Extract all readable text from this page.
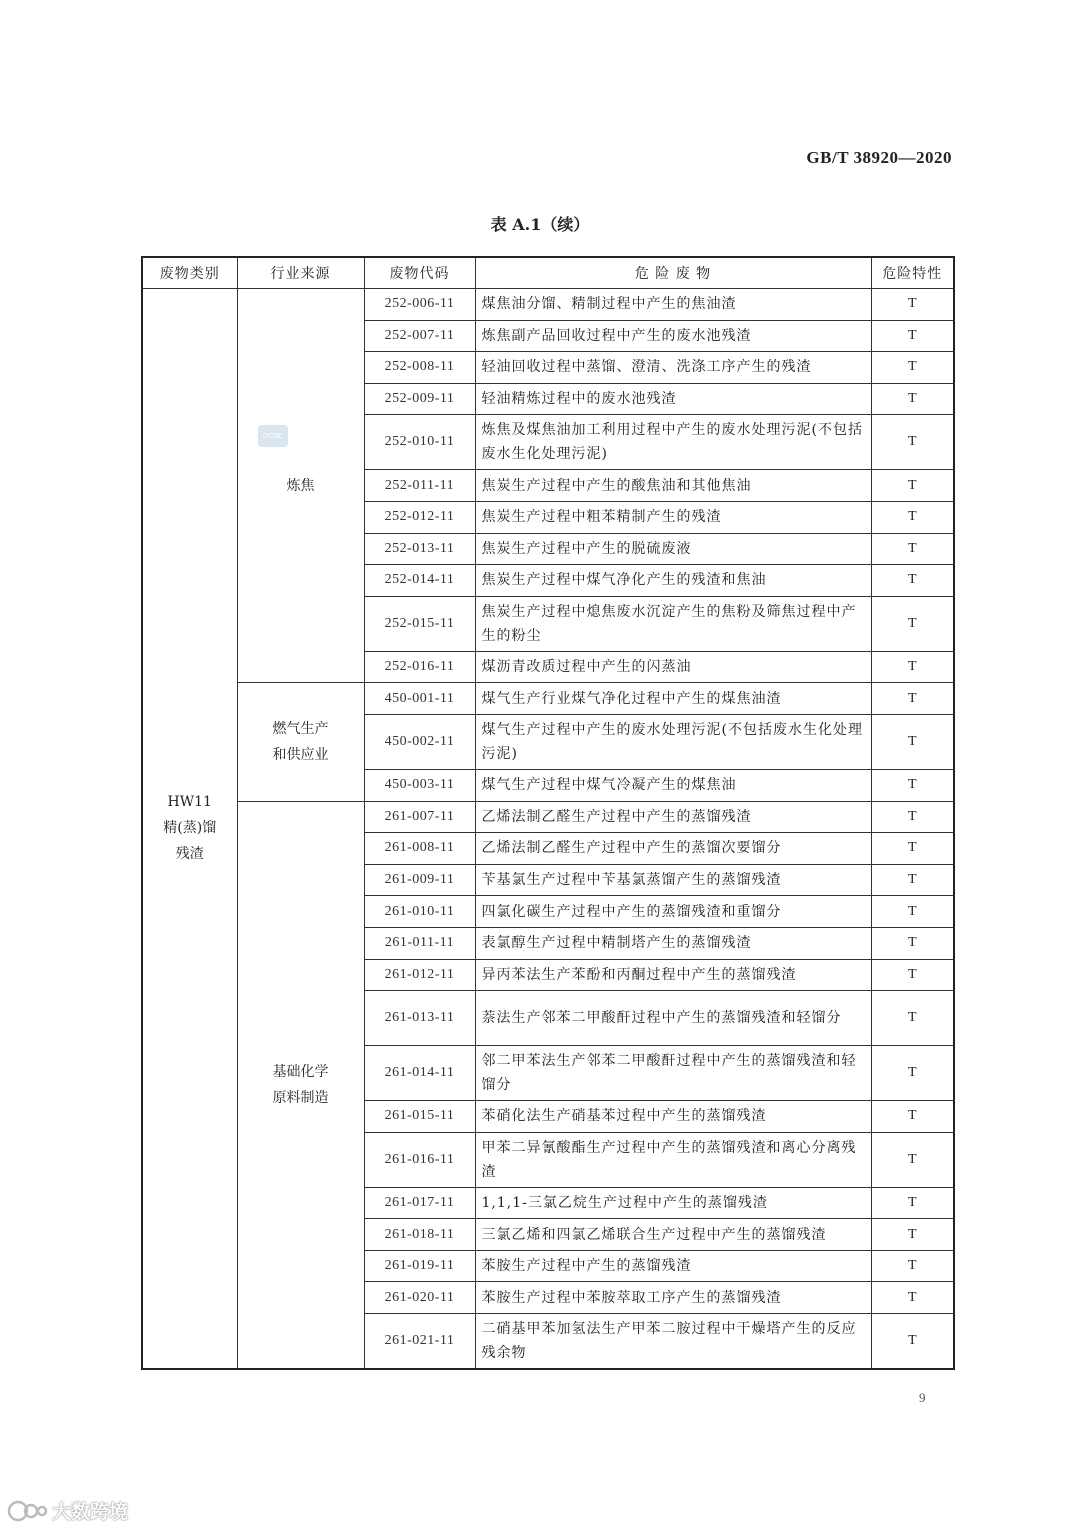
GB/T 38920—2020
表 A.1（续）
废物类别	行业来源	废物代码	危 险 废 物	危险特性

HW11
精(蒸)馏
残渣	炼焦	252-006-11	煤焦油分馏、精制过程中产生的焦油渣	T
		252-007-11	炼焦副产品回收过程中产生的废水池残渣	T
		252-008-11	轻油回收过程中蒸馏、澄清、洗涤工序产生的残渣	T
		252-009-11	轻油精炼过程中的废水池残渣	T
		252-010-11	炼焦及煤焦油加工利用过程中产生的废水处理污泥(不包括废水生化处理污泥)	T
		252-011-11	焦炭生产过程中产生的酸焦油和其他焦油	T
		252-012-11	焦炭生产过程中粗苯精制产生的残渣	T
		252-013-11	焦炭生产过程中产生的脱硫废液	T
		252-014-11	焦炭生产过程中煤气净化产生的残渣和焦油	T
		252-015-11	焦炭生产过程中熄焦废水沉淀产生的焦粉及筛焦过程中产生的粉尘	T
		252-016-11	煤沥青改质过程中产生的闪蒸油	T

	燃气生产
和供应业	450-001-11	煤气生产行业煤气净化过程中产生的煤焦油渣	T
		450-002-11	煤气生产过程中产生的废水处理污泥(不包括废水生化处理污泥)	T
		450-003-11	煤气生产过程中煤气冷凝产生的煤焦油	T

	基础化学
原料制造	261-007-11	乙烯法制乙醛生产过程中产生的蒸馏残渣	T
		261-008-11	乙烯法制乙醛生产过程中产生的蒸馏次要馏分	T
		261-009-11	苄基氯生产过程中苄基氯蒸馏产生的蒸馏残渣	T
		261-010-11	四氯化碳生产过程中产生的蒸馏残渣和重馏分	T
		261-011-11	表氯醇生产过程中精制塔产生的蒸馏残渣	T
		261-012-11	异丙苯法生产苯酚和丙酮过程中产生的蒸馏残渣	T
		261-013-11	萘法生产邻苯二甲酸酐过程中产生的蒸馏残渣和轻馏分	T
		261-014-11	邻二甲苯法生产邻苯二甲酸酐过程中产生的蒸馏残渣和轻馏分	T
		261-015-11	苯硝化法生产硝基苯过程中产生的蒸馏残渣	T
		261-016-11	甲苯二异氰酸酯生产过程中产生的蒸馏残渣和离心分离残渣	T
		261-017-11	1,1,1-三氯乙烷生产过程中产生的蒸馏残渣	T
		261-018-11	三氯乙烯和四氯乙烯联合生产过程中产生的蒸馏残渣	T
		261-019-11	苯胺生产过程中产生的蒸馏残渣	T
		261-020-11	苯胺生产过程中苯胺萃取工序产生的蒸馏残渣	T
		261-021-11	二硝基甲苯加氢法生产甲苯二胺过程中干燥塔产生的反应残余物	T
9
DCNC
大数跨境
